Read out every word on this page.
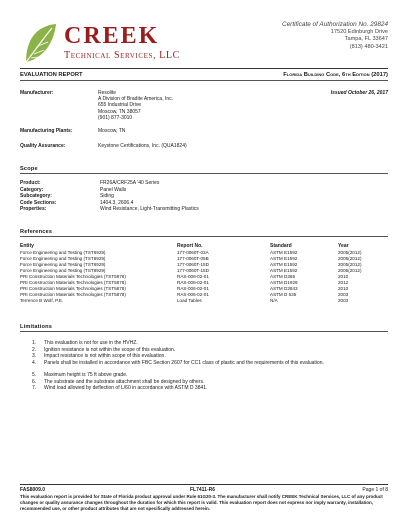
CREEK
Technical Services, LLC
Certificate of Authorization No. 29824
17520 Edinburgh Drive
Tampa, FL 33647
(813) 480-3421
EVALUATION REPORT	Florida Building Code, 6th Edition (2017)
Manufacturer:	Resolite
A Division of Bradite America, Inc.
655 Industrial Drive
Moscow, TN 38057
(901) 877-3010
Issued October 26, 2017
Manufacturing Plants:	Moscow, TN
Quality Assurance:	Keystone Certifications, Inc. (QUA1824)
Scope
Product:	FR26A/CRF25A '40 Series
Category:	Panel Walls
Subcategory:	Siding
Code Sections:	1404.3, 2606.4
Properties:	Wind Resistance, Light-Transmitting Plastics
References
Entity	Report No.	Standard	Year
Force Engineering and Testing (TST6929)	177-0060T-03A	ASTM E1592	2005(2012)
Force Engineering and Testing (TST6929)	177-0060T-05B	ASTM E1592	2005(2012)
Force Engineering and Testing (TST6929)	177-0060T-15D	ASTM E1592	2005(2012)
Force Engineering and Testing (TST6929)	177-0060T-15D	ASTM E1592	2005(2012)
PRI Construction Materials Technologies (TST5878)	RAS-006-02-01	ASTM D365	2010
PRI Construction Materials Technologies (TST5878)	RAS-006-02-01	ASTM D1929	2012
PRI Construction Materials Technologies (TST5878)	RAS-006-02-01	ASTM D2843	2010
PRI Construction Materials Technologies (TST5878)	RAS-006-02-01	ASTM D 635	2003
Terrence B Wolf, P.E.	Load Tables	N/A	2003
Limitations
1. This evaluation is not for use in the HVHZ.
2. Ignition resistance is not within the scope of this evaluation.
3. Impact resistance is not within scope of this evaluation.
4. Panels shall be installed in accordance with FBC Section 2607 for CC1 class of plastic and the requirements of this evaluation.
5. Maximum height is 75 ft above grade.
6. The substrate and the substrate attachment shall be designed by others.
7. Wind load allowed by deflection of L/60 in accordance with ASTM D 3841.
FAS8009.0	FL7411-R6	Page 1 of 8
This evaluation report is provided for State of Florida product approval under Rule 61G20-3. The manufacturer shall notify CREEK Technical Services, LLC of any product changes or quality assurance changes throughout the duration for which this report is valid. This evaluation report does not express nor imply warranty, installation, recommended use, or other product attributes that are not specifically addressed herein.
